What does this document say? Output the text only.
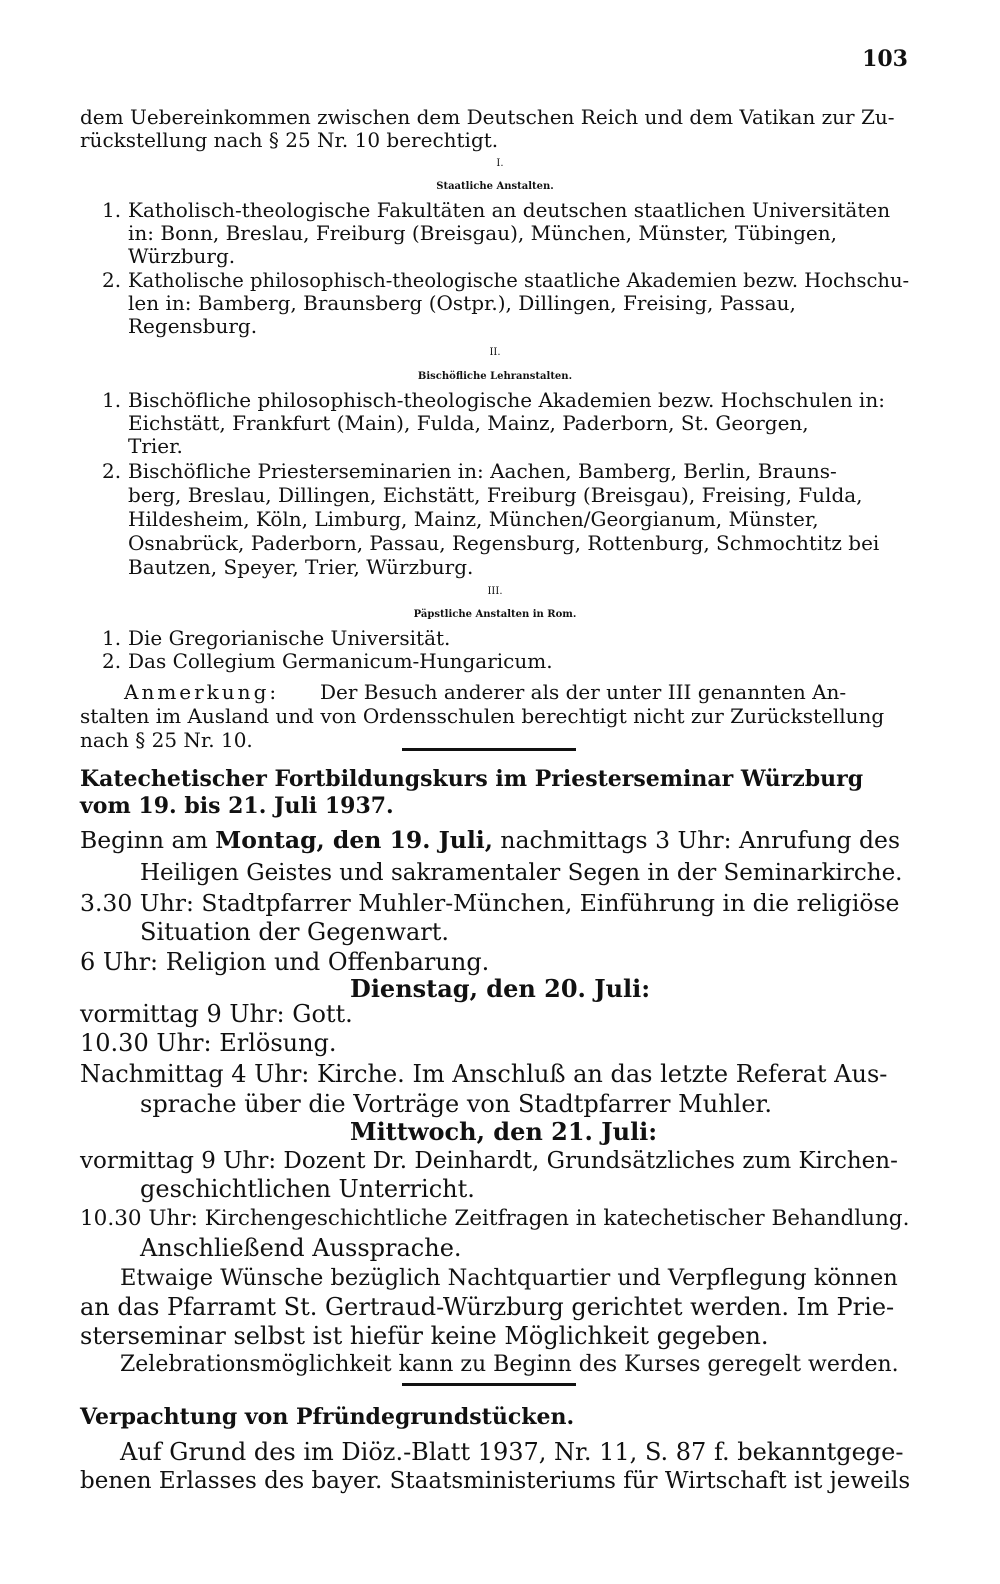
103
dem Uebereinkommen zwischen dem Deutschen Reich und dem Vatikan zur Zu-
rückstellung nach § 25 Nr. 10 berechtigt.
I.
Staatliche Anstalten.
1. Katholisch-theologische Fakultäten an deutschen staatlichen Universitäten
in: Bonn, Breslau, Freiburg (Breisgau), München, Münster, Tübingen,
Würzburg.
2. Katholische philosophisch-theologische staatliche Akademien bezw. Hochschu-
len in: Bamberg, Braunsberg (Ostpr.), Dillingen, Freising, Passau,
Regensburg.
II.
Bischöfliche Lehranstalten.
1. Bischöfliche philosophisch-theologische Akademien bezw. Hochschulen in:
Eichstätt, Frankfurt (Main), Fulda, Mainz, Paderborn, St. Georgen,
Trier.
2. Bischöfliche Priesterseminarien in: Aachen, Bamberg, Berlin, Brauns-
berg, Breslau, Dillingen, Eichstätt, Freiburg (Breisgau), Freising, Fulda,
Hildesheim, Köln, Limburg, Mainz, München/Georgianum, Münster,
Osnabrück, Paderborn, Passau, Regensburg, Rottenburg, Schmochtitz bei
Bautzen, Speyer, Trier, Würzburg.
III.
Päpstliche Anstalten in Rom.
1. Die Gregorianische Universität.
2. Das Collegium Germanicum-Hungaricum.
Anmerkung: Der Besuch anderer als der unter III genannten An-
stalten im Ausland und von Ordensschulen berechtigt nicht zur Zurückstellung
nach § 25 Nr. 10.
Katechetischer Fortbildungskurs im Priesterseminar Würzburg
vom 19. bis 21. Juli 1937.
Beginn am Montag, den 19. Juli, nachmittags 3 Uhr: Anrufung des
Heiligen Geistes und sakramentaler Segen in der Seminarkirche.
3.30 Uhr: Stadtpfarrer Muhler-München, Einführung in die religiöse
Situation der Gegenwart.
6 Uhr: Religion und Offenbarung.
Dienstag, den 20. Juli:
vormittag 9 Uhr: Gott.
10.30 Uhr: Erlösung.
Nachmittag 4 Uhr: Kirche. Im Anschluß an das letzte Referat Aus-
sprache über die Vorträge von Stadtpfarrer Muhler.
Mittwoch, den 21. Juli:
vormittag 9 Uhr: Dozent Dr. Deinhardt, Grundsätzliches zum Kirchen-
geschichtlichen Unterricht.
10.30 Uhr: Kirchengeschichtliche Zeitfragen in katechetischer Behandlung.
Anschließend Aussprache.
Etwaige Wünsche bezüglich Nachtquartier und Verpflegung können
an das Pfarramt St. Gertraud-Würzburg gerichtet werden. Im Prie-
sterseminar selbst ist hiefür keine Möglichkeit gegeben.
Zelebrationsmöglichkeit kann zu Beginn des Kurses geregelt werden.
Verpachtung von Pfründegrundstücken.
Auf Grund des im Diöz.-Blatt 1937, Nr. 11, S. 87 f. bekanntgege-
benen Erlasses des bayer. Staatsministeriums für Wirtschaft ist jeweils
